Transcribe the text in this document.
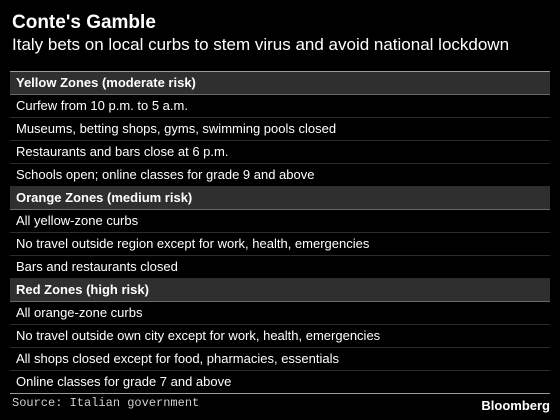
Conte's Gamble
Italy bets on local curbs to stem virus and avoid national lockdown
Yellow Zones (moderate risk)
Curfew from 10 p.m. to 5 a.m.
Museums, betting shops, gyms, swimming pools closed
Restaurants and bars close at 6 p.m.
Schools open; online classes for grade 9 and above
Orange Zones (medium risk)
All yellow-zone curbs
No travel outside region except for work, health, emergencies
Bars and restaurants closed
Red Zones (high risk)
All orange-zone curbs
No travel outside own city except for work, health, emergencies
All shops closed except for food, pharmacies, essentials
Online classes for grade 7 and above
Source: Italian government	Bloomberg
